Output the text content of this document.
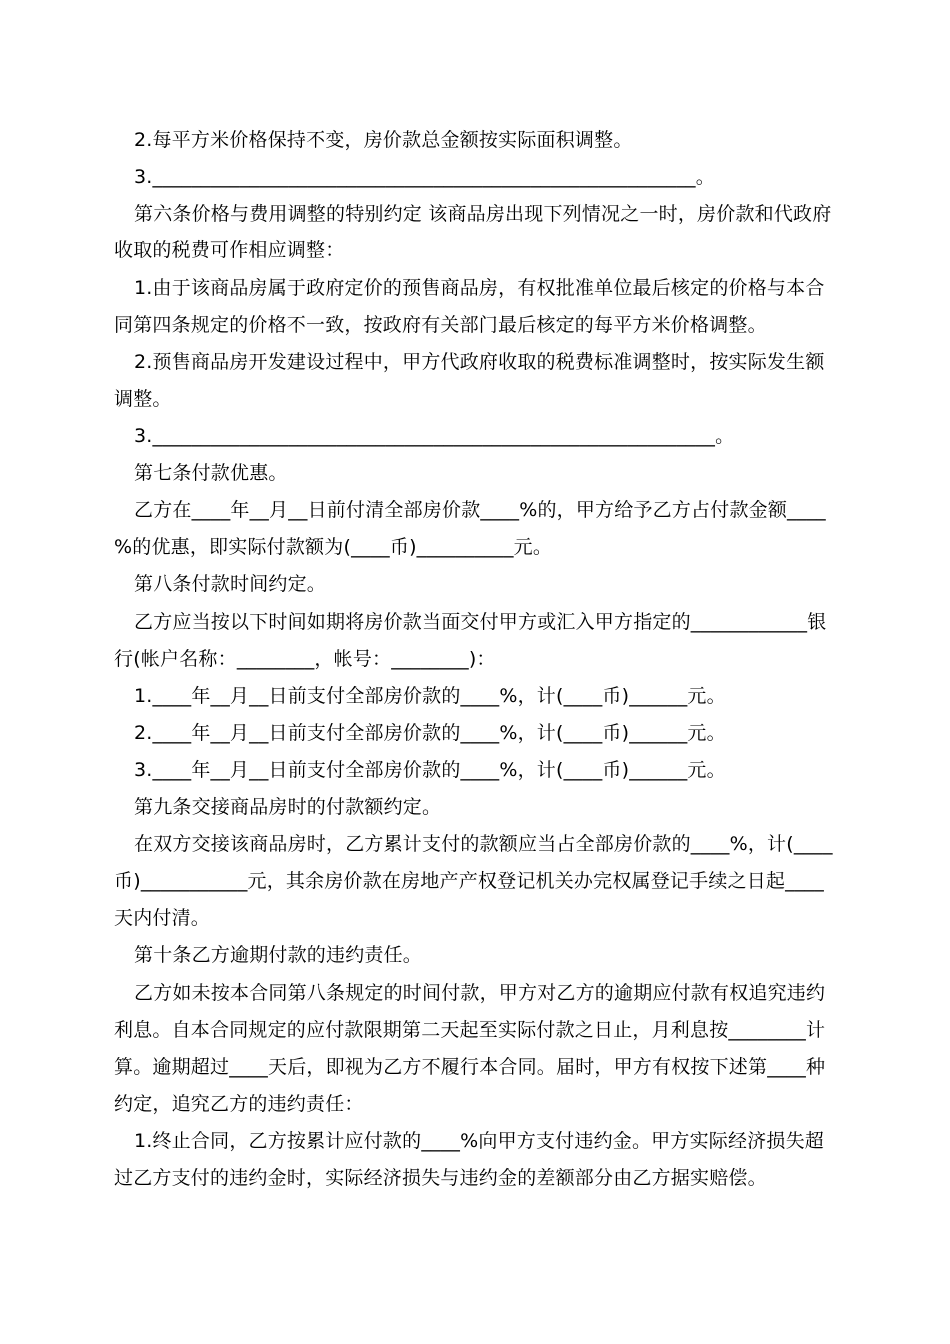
2.每平方米价格保持不变，房价款总金额按实际面积调整。
3.________________________________________________________。
第六条价格与费用调整的特别约定 该商品房出现下列情况之一时，房价款和代政府
收取的税费可作相应调整：
1.由于该商品房属于政府定价的预售商品房，有权批准单位最后核定的价格与本合
同第四条规定的价格不一致，按政府有关部门最后核定的每平方米价格调整。
2.预售商品房开发建设过程中，甲方代政府收取的税费标准调整时，按实际发生额
调整。
3.__________________________________________________________。
第七条付款优惠。
乙方在____年__月__日前付清全部房价款____%的，甲方给予乙方占付款金额____
%的优惠，即实际付款额为(____币)__________元。
第八条付款时间约定。
乙方应当按以下时间如期将房价款当面交付甲方或汇入甲方指定的____________银
行(帐户名称：________，帐号：________)：
1.____年__月__日前支付全部房价款的____%，计(____币)______元。
2.____年__月__日前支付全部房价款的____%，计(____币)______元。
3.____年__月__日前支付全部房价款的____%，计(____币)______元。
第九条交接商品房时的付款额约定。
在双方交接该商品房时，乙方累计支付的款额应当占全部房价款的____%，计(____
币)___________元，其余房价款在房地产产权登记机关办完权属登记手续之日起____
天内付清。
第十条乙方逾期付款的违约责任。
乙方如未按本合同第八条规定的时间付款，甲方对乙方的逾期应付款有权追究违约
利息。自本合同规定的应付款限期第二天起至实际付款之日止，月利息按________计
算。逾期超过____天后，即视为乙方不履行本合同。届时，甲方有权按下述第____种
约定，追究乙方的违约责任：
1.终止合同，乙方按累计应付款的____%向甲方支付违约金。甲方实际经济损失超
过乙方支付的违约金时，实际经济损失与违约金的差额部分由乙方据实赔偿。
